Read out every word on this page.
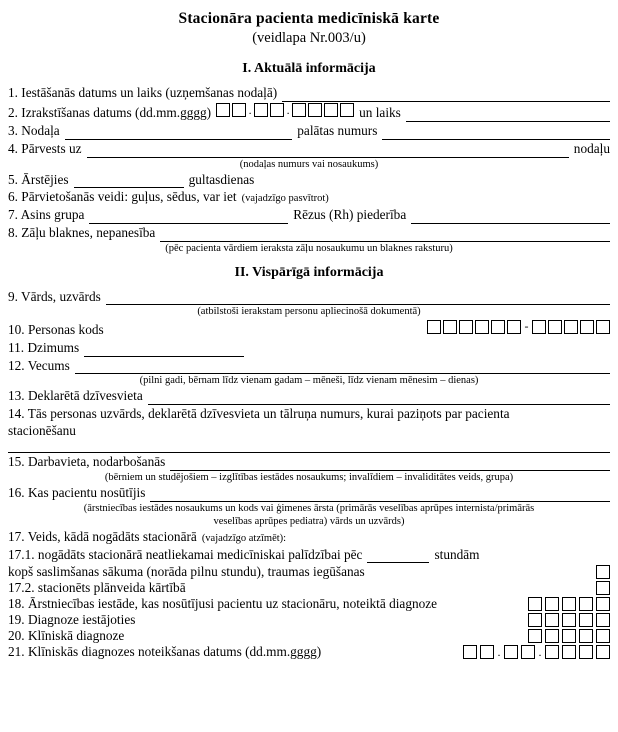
Stacionāra pacienta medicīniskā karte
(veidlapa Nr.003/u)
I. Aktuālā informācija
1. Iestāšanās datums un laiks (uzņemšanas nodaļā)
2. Izrakstīšanas datums (dd.mm.gggg)	.	.	un laiks
3. Nodaļa	palātas numurs
4. Pārvests uz	nodaļu
(nodaļas numurs vai nosaukums)
5. Ārstējies	gultasdienas
6. Pārvietošanās veidi: guļus, sēdus, var iet (vajadzīgo pasvītrot)
7. Asins grupa	Rēzus (Rh) piederība
8. Zāļu blaknes, nepanesība
(pēc pacienta vārdiem ieraksta zāļu nosaukumu un blaknes raksturu)
II. Vispārīgā informācija
9. Vārds, uzvārds
(atbilstoši ierakstam personu apliecinošā dokumentā)
10. Personas kods	-
11. Dzimums
12. Vecums
(pilni gadi, bērnam līdz vienam gadam – mēneši, līdz vienam mēnesim – dienas)
13. Deklarētā dzīvesvieta
14. Tās personas uzvārds, deklarētā dzīvesvieta un tālruņa numurs, kurai paziņots par pacienta
stacionēšanu
15. Darbavieta, nodarbošanās
(bērniem un studējošiem – izglītības iestādes nosaukums; invalīdiem – invaliditātes veids, grupa)
16. Kas pacientu nosūtījis
(ārstniecības iestādes nosaukums un kods vai ģimenes ārsta (primārās veselības aprūpes internista/primārās
veselības aprūpes pediatra) vārds un uzvārds)
17. Veids, kādā nogādāts stacionārā (vajadzīgo atzīmēt):
17.1. nogādāts stacionārā neatliekamai medicīniskai palīdzībai pēc	stundām
kopš saslimšanas sākuma (norāda pilnu stundu), traumas iegūšanas
17.2. stacionēts plānveida kārtībā
18. Ārstniecības iestāde, kas nosūtījusi pacientu uz stacionāru, noteiktā diagnoze
19. Diagnoze iestājoties
20. Klīniskā diagnoze
21. Klīniskās diagnozes noteikšanas datums (dd.mm.gggg)	.	.
